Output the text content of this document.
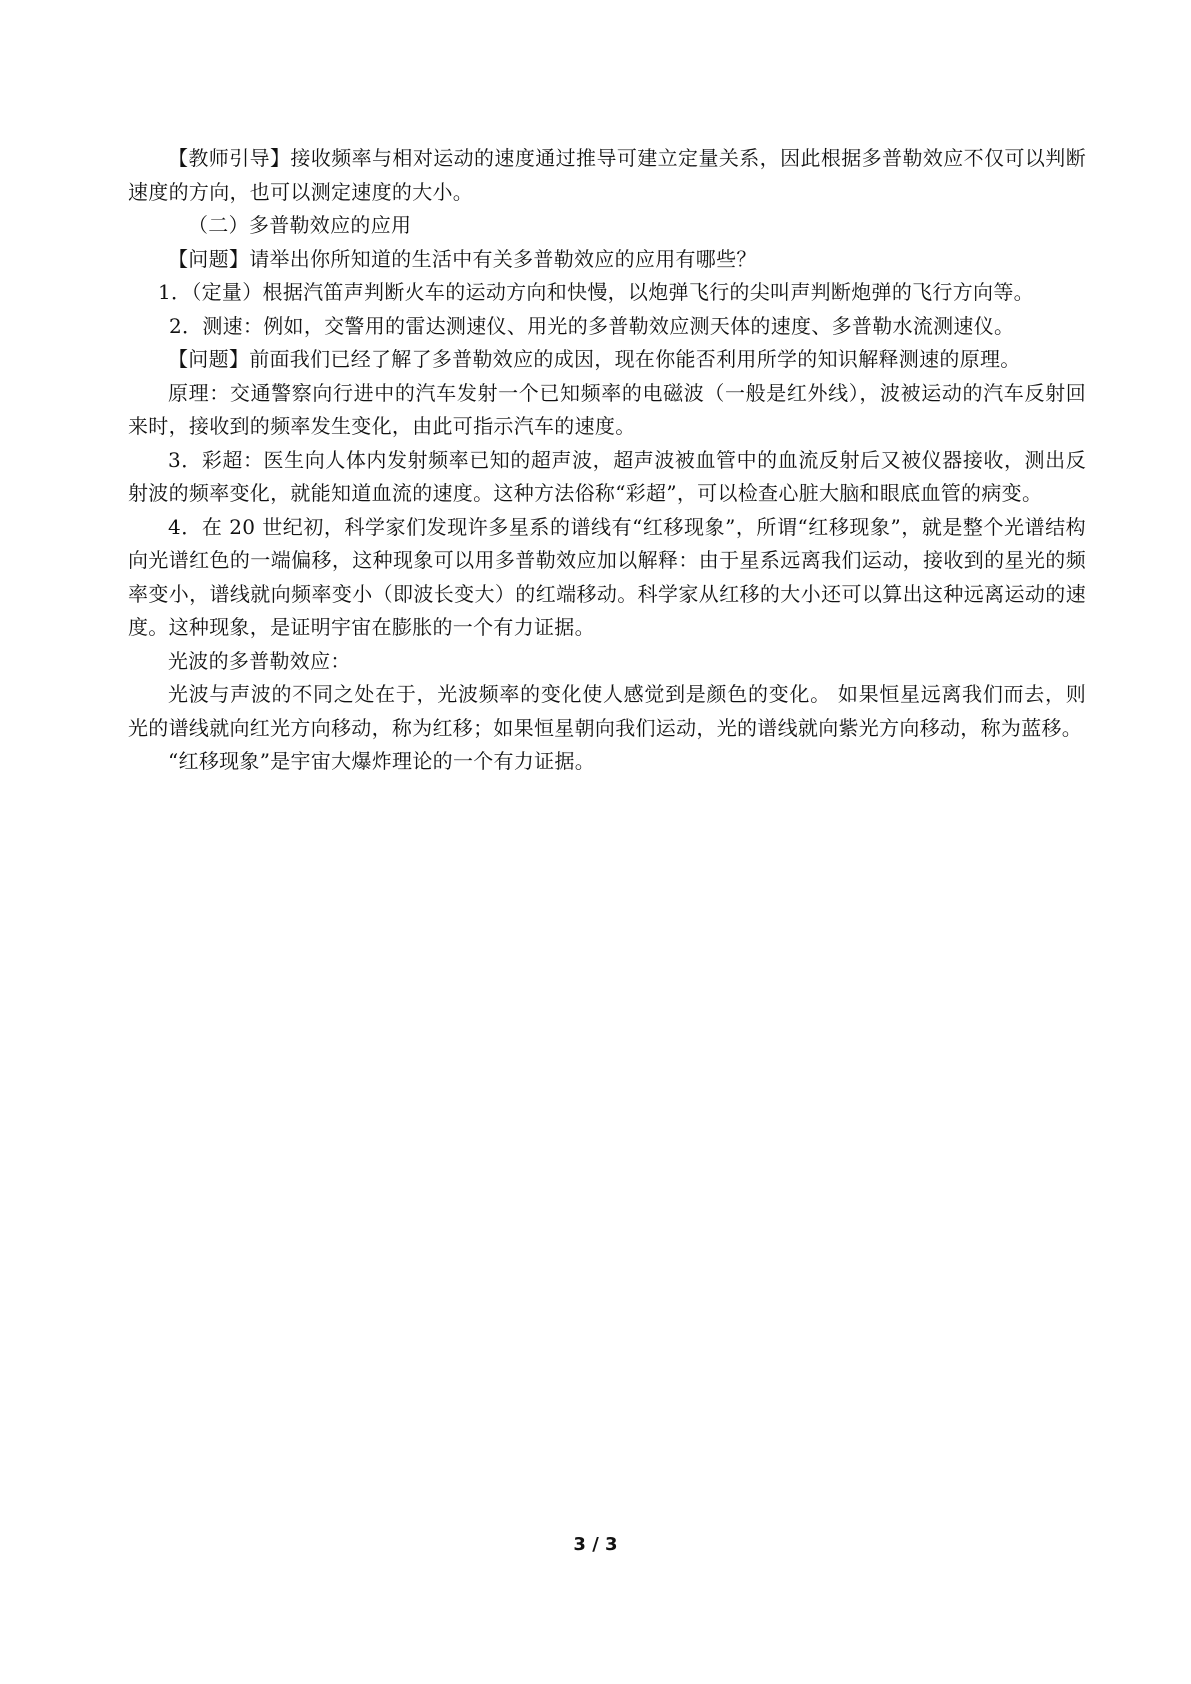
【教师引导】接收频率与相对运动的速度通过推导可建立定量关系，因此根据多普勒效应不仅可以判断速度的方向，也可以测定速度的大小。

（二）多普勒效应的应用

【问题】请举出你所知道的生活中有关多普勒效应的应用有哪些？

1．（定量）根据汽笛声判断火车的运动方向和快慢，以炮弹飞行的尖叫声判断炮弹的飞行方向等。

2．测速：例如，交警用的雷达测速仪、用光的多普勒效应测天体的速度、多普勒水流测速仪。

【问题】前面我们已经了解了多普勒效应的成因，现在你能否利用所学的知识解释测速的原理。

原理：交通警察向行进中的汽车发射一个已知频率的电磁波（一般是红外线），波被运动的汽车反射回来时，接收到的频率发生变化，由此可指示汽车的速度。

3．彩超：医生向人体内发射频率已知的超声波，超声波被血管中的血流反射后又被仪器接收，测出反射波的频率变化，就能知道血流的速度。这种方法俗称“彩超”，可以检查心脏大脑和眼底血管的病变。

4．在 20 世纪初，科学家们发现许多星系的谱线有“红移现象”，所谓“红移现象”，就是整个光谱结构向光谱红色的一端偏移，这种现象可以用多普勒效应加以解释：由于星系远离我们运动，接收到的星光的频率变小，谱线就向频率变小（即波长变大）的红端移动。科学家从红移的大小还可以算出这种远离运动的速度。这种现象，是证明宇宙在膨胀的一个有力证据。

光波的多普勒效应：

光波与声波的不同之处在于，光波频率的变化使人感觉到是颜色的变化。 如果恒星远离我们而去，则光的谱线就向红光方向移动，称为红移；如果恒星朝向我们运动，光的谱线就向紫光方向移动，称为蓝移。

“红移现象”是宇宙大爆炸理论的一个有力证据。

3 / 3
